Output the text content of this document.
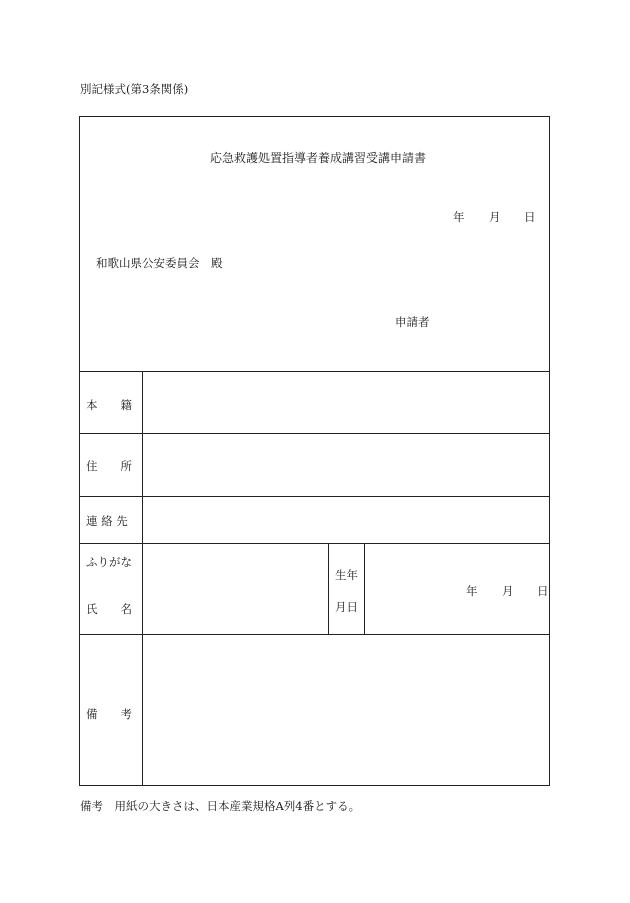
別記様式(第3条関係)
応急救護処置指導者養成講習受講申請書
年 月 日
和歌山県公安委員会　殿
申請者
本　　籍
住　　所
連 絡 先
ふりがな
氏　　名
生年
月日
年 月 日
備　　考
備考　用紙の大きさは、日本産業規格A列4番とする。
